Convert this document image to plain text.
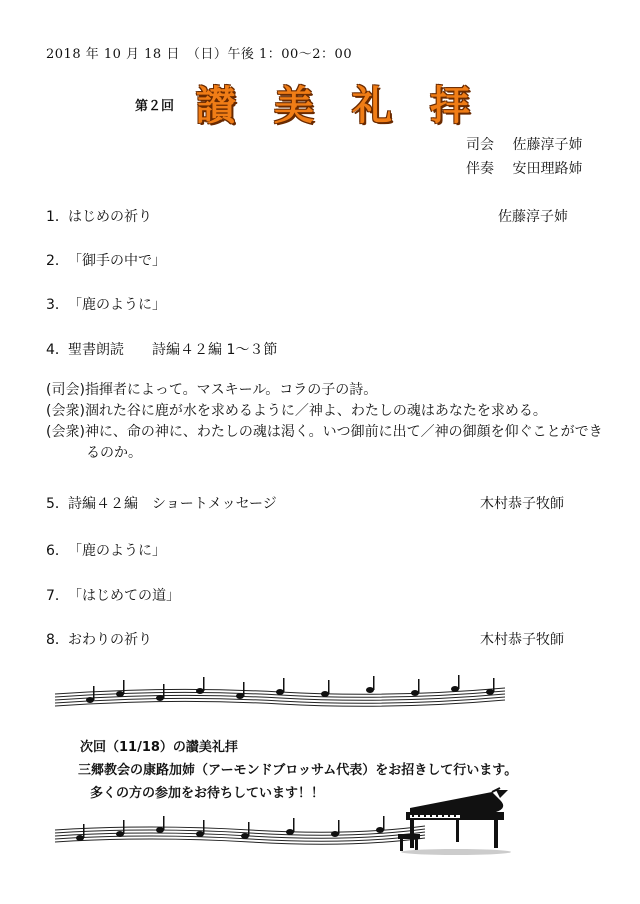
2018 年 10 月 18 日　（日）午後 1：00〜2：00
第２回 讃美礼拝
司会　 佐藤淳子姉
伴奏　 安田理路姉
1．はじめの祈り	佐藤淳子姉
2．「御手の中で」
3．「鹿のように」
4．聖書朗読 詩編４２編 1〜３節
(司会)指揮者によって。マスキール。コラの子の詩。
(会衆)涸れた谷に鹿が水を求めるように／神よ、わたしの魂はあなたを求める。
(会衆)神に、命の神に、わたしの魂は渇く。いつ御前に出て／神の御顔を仰ぐことができ
るのか。
5．詩編４２編　ショートメッセージ	木村恭子牧師
6．「鹿のように」
7．「はじめての道」
8．おわりの祈り	木村恭子牧師
次回（11/18）の讃美礼拝
三郷教会の康路加姉（アーモンドブロッサム代表）をお招きして行います。
多くの方の参加をお待ちしています！！
